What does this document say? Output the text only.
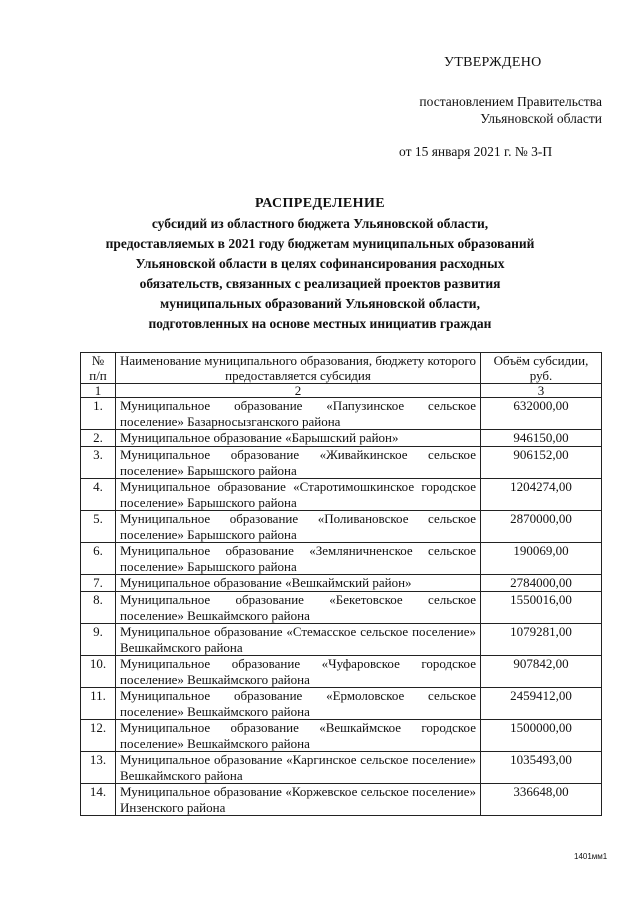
УТВЕРЖДЕНО
постановлением Правительства
Ульяновской области
от 15 января 2021 г. № 3-П
РАСПРЕДЕЛЕНИЕ
субсидий из областного бюджета Ульяновской области,
предоставляемых в 2021 году бюджетам муниципальных образований
Ульяновской области в целях софинансирования расходных
обязательств, связанных с реализацией проектов развития
муниципальных образований Ульяновской области,
подготовленных на основе местных инициатив граждан
№ п/п	Наименование муниципального образования, бюджету которого предоставляется субсидия	Объём субсидии, руб.
1	2	3
1.	Муниципальное образование «Папузинское сельское поселение» Базарносызганского района	632000,00
2.	Муниципальное образование «Барышский район»	946150,00
3.	Муниципальное образование «Живайкинское сельское поселение» Барышского района	906152,00
4.	Муниципальное образование «Старотимошкинское городское поселение» Барышского района	1204274,00
5.	Муниципальное образование «Поливановское сельское поселение» Барышского района	2870000,00
6.	Муниципальное образование «Земляничненское сельское поселение» Барышского района	190069,00
7.	Муниципальное образование «Вешкаймский район»	2784000,00
8.	Муниципальное образование «Бекетовское сельское поселение» Вешкаймского района	1550016,00
9.	Муниципальное образование «Стемасское сельское поселение» Вешкаймского района	1079281,00
10.	Муниципальное образование «Чуфаровское городское поселение» Вешкаймского района	907842,00
11.	Муниципальное образование «Ермоловское сельское поселение» Вешкаймского района	2459412,00
12.	Муниципальное образование «Вешкаймское городское поселение» Вешкаймского района	1500000,00
13.	Муниципальное образование «Каргинское сельское поселение» Вешкаймского района	1035493,00
14.	Муниципальное образование «Коржевское сельское поселение» Инзенского района	336648,00
1401мм1
